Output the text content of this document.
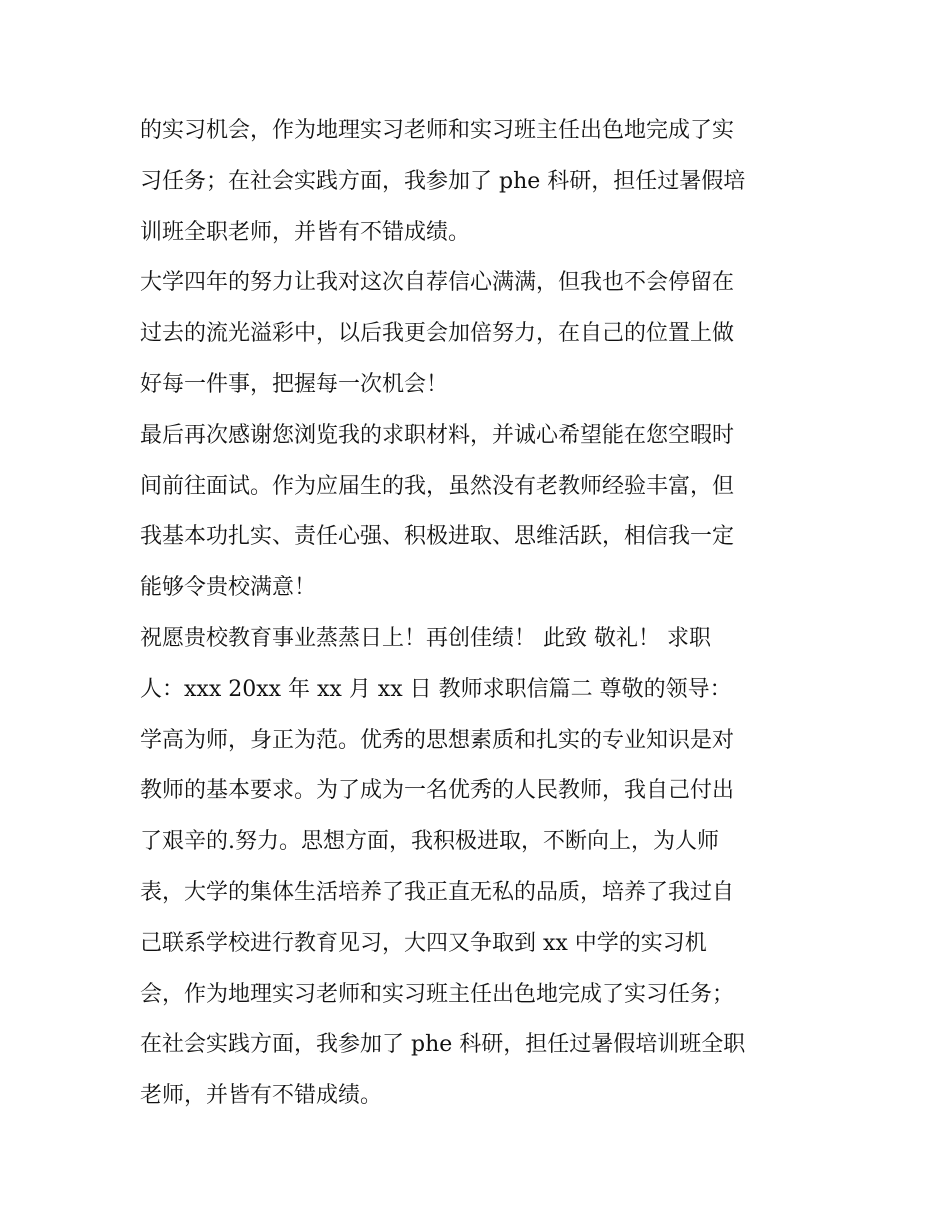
的实习机会，作为地理实习老师和实习班主任出色地完成了实
习任务；在社会实践方面，我参加了 phe 科研，担任过暑假培
训班全职老师，并皆有不错成绩。
大学四年的努力让我对这次自荐信心满满，但我也不会停留在
过去的流光溢彩中，以后我更会加倍努力，在自己的位置上做
好每一件事，把握每一次机会！
最后再次感谢您浏览我的求职材料，并诚心希望能在您空暇时
间前往面试。作为应届生的我，虽然没有老教师经验丰富，但
我基本功扎实、责任心强、积极进取、思维活跃，相信我一定
能够令贵校满意！
祝愿贵校教育事业蒸蒸日上！再创佳绩！ 此致 敬礼！ 求职
人：xxx 20xx 年 xx 月 xx 日 教师求职信篇二 尊敬的领导：
学高为师，身正为范。优秀的思想素质和扎实的专业知识是对
教师的基本要求。为了成为一名优秀的人民教师，我自己付出
了艰辛的.努力。思想方面，我积极进取，不断向上，为人师
表，大学的集体生活培养了我正直无私的品质，培养了我过自
己联系学校进行教育见习，大四又争取到 xx 中学的实习机
会，作为地理实习老师和实习班主任出色地完成了实习任务；
在社会实践方面，我参加了 phe 科研，担任过暑假培训班全职
老师，并皆有不错成绩。
